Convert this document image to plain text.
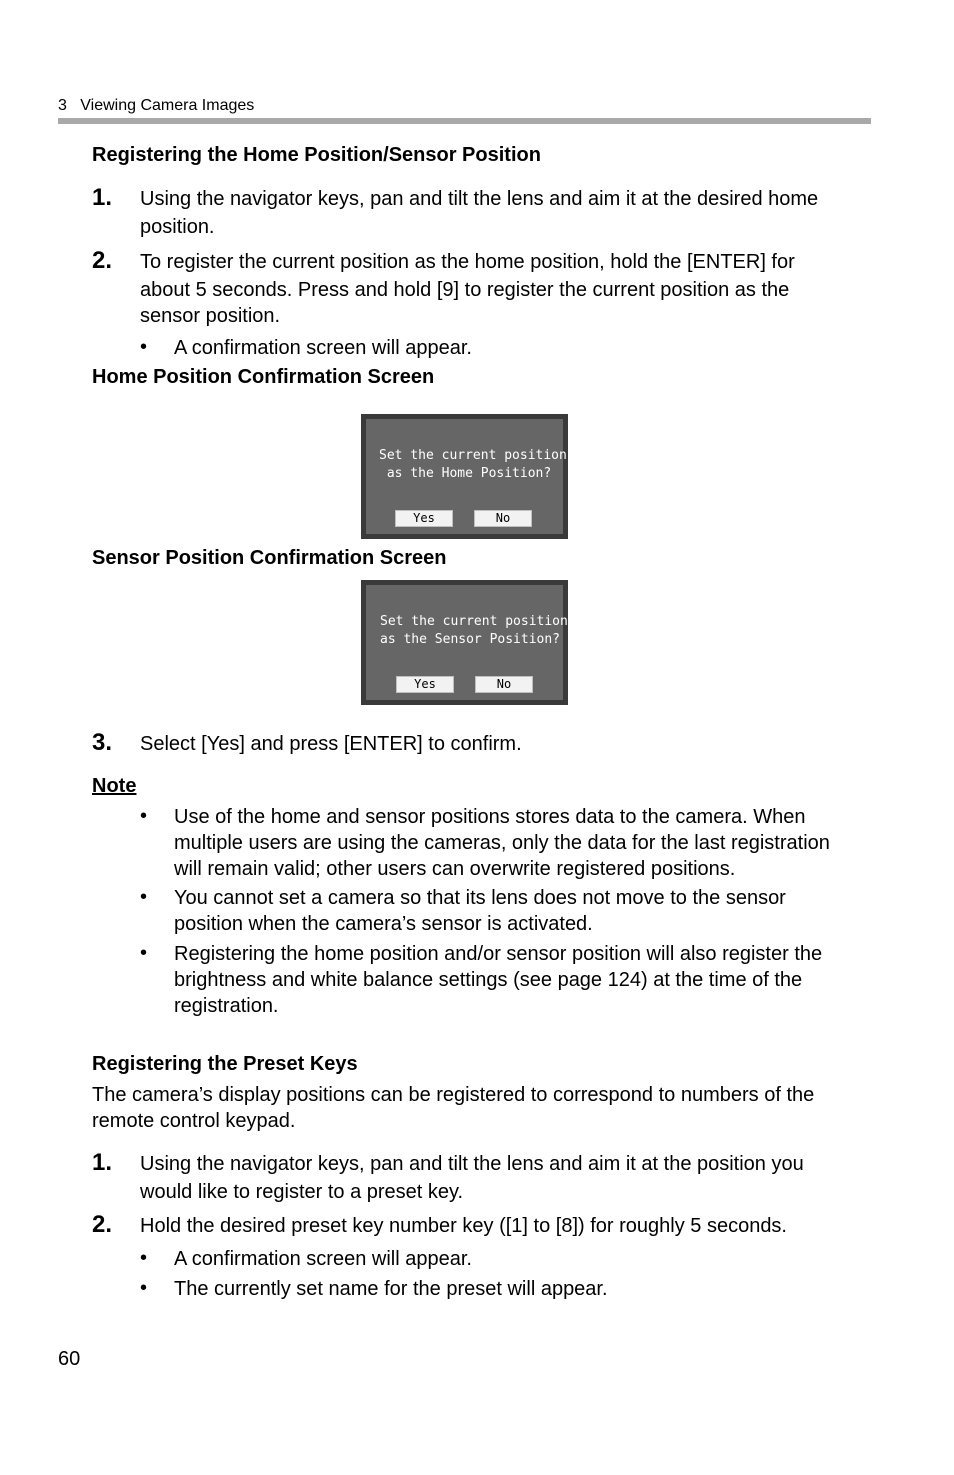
3 Viewing Camera Images
Registering the Home Position/Sensor Position
1. Using the navigator keys, pan and tilt the lens and aim it at the desired home
position.
2. To register the current position as the home position, hold the [ENTER] for
about 5 seconds. Press and hold [9] to register the current position as the
sensor position.
• A confirmation screen will appear.
Home Position Confirmation Screen
Set the current position
as the Home Position?
Yes	No
Sensor Position Confirmation Screen
Set the current position
as the Sensor Position?
Yes	No
3. Select [Yes] and press [ENTER] to confirm.
Note
• Use of the home and sensor positions stores data to the camera. When
multiple users are using the cameras, only the data for the last registration
will remain valid; other users can overwrite registered positions.
• You cannot set a camera so that its lens does not move to the sensor
position when the camera’s sensor is activated.
• Registering the home position and/or sensor position will also register the
brightness and white balance settings (see page 124) at the time of the
registration.
Registering the Preset Keys
The camera’s display positions can be registered to correspond to numbers of the
remote control keypad.
1. Using the navigator keys, pan and tilt the lens and aim it at the position you
would like to register to a preset key.
2. Hold the desired preset key number key ([1] to [8]) for roughly 5 seconds.
• A confirmation screen will appear.
• The currently set name for the preset will appear.
60
